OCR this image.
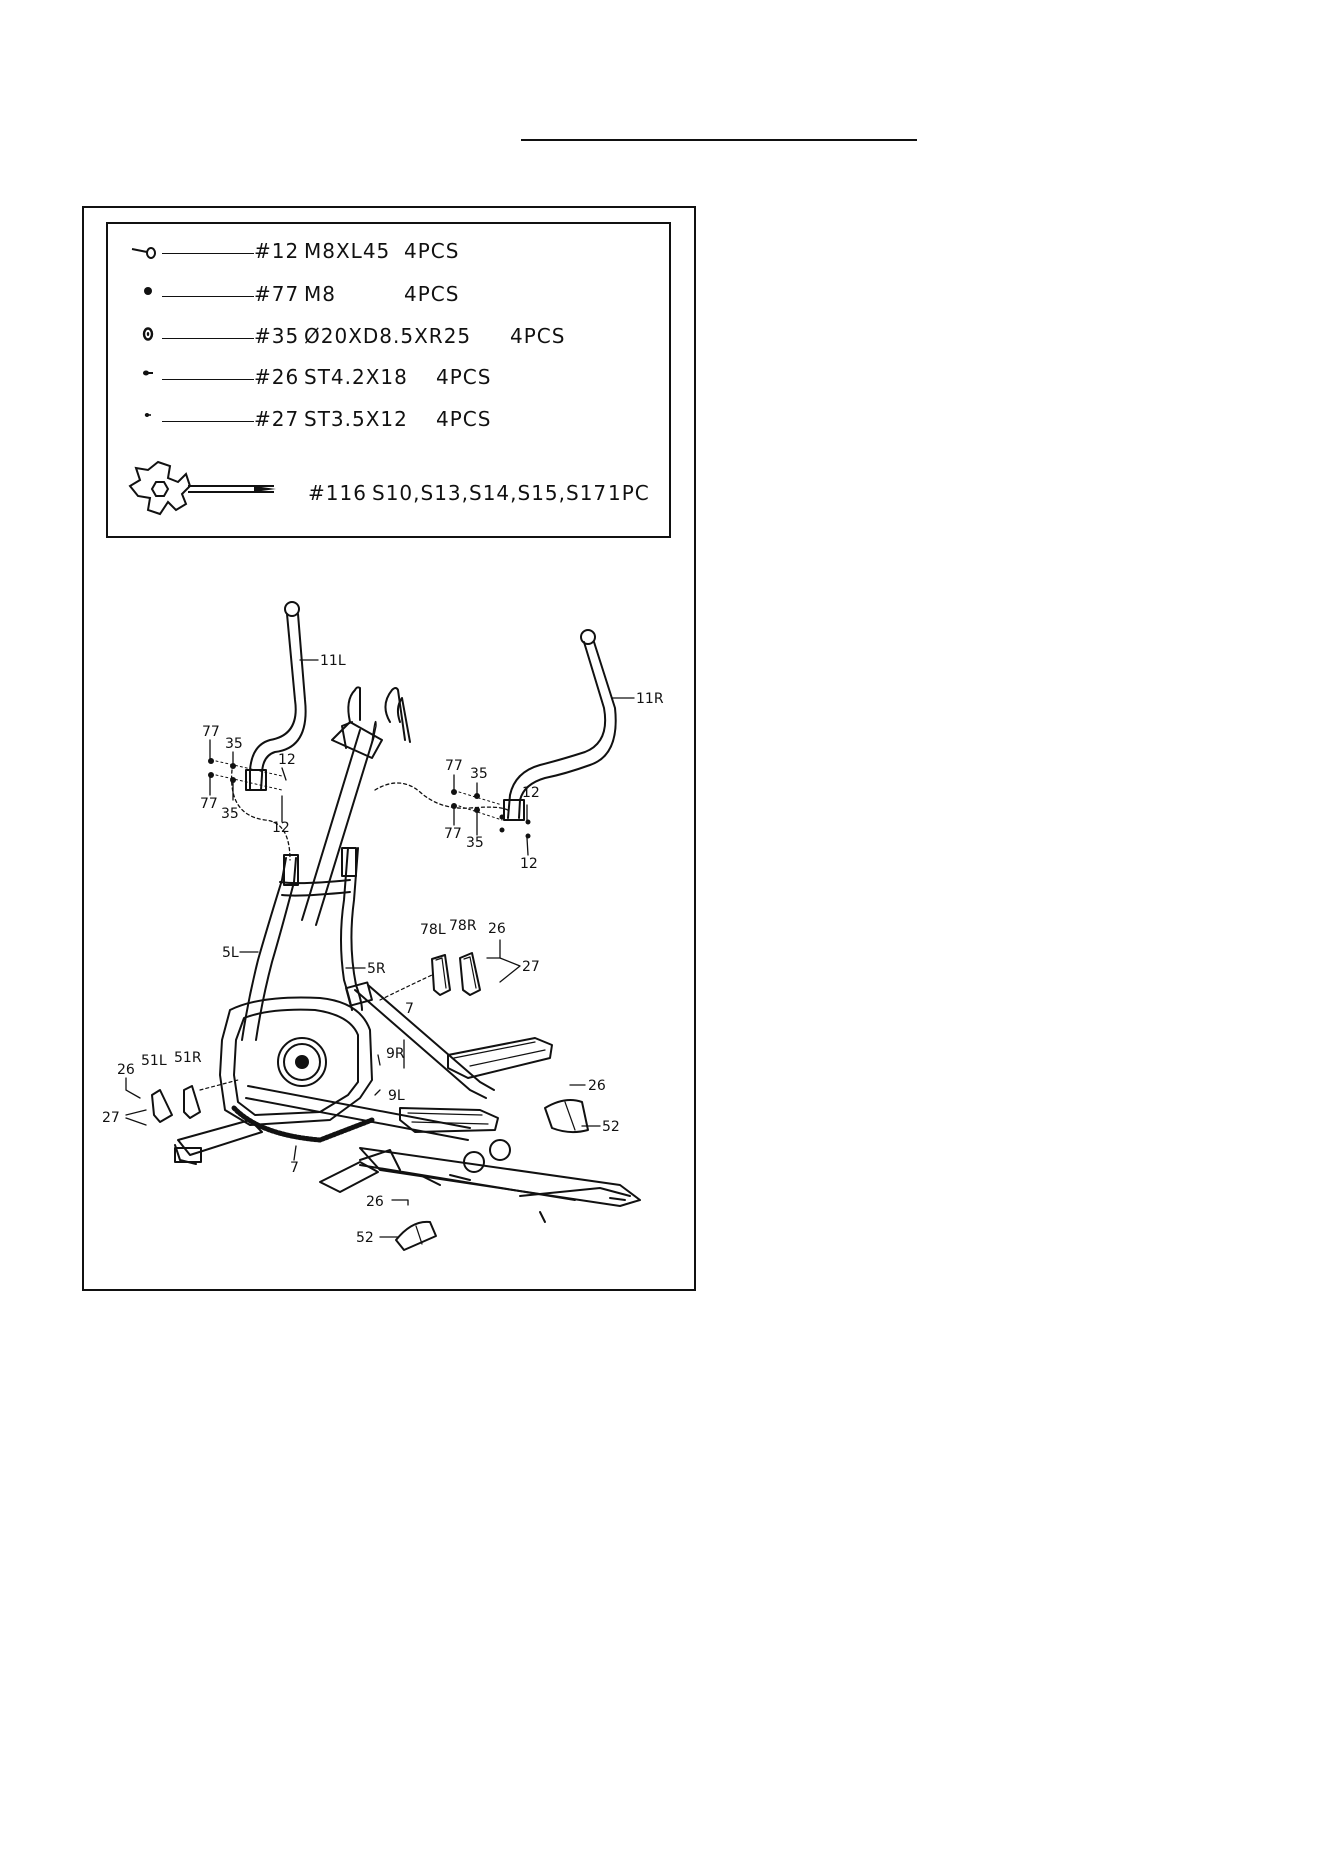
#12 M8XL45 4PCS
#77 M8	4PCS
#35 Ø20XD8.5XR25 4PCS
#26 ST4.2X18 4PCS
#27 ST3.5X12 4PCS
#116 S10,S13,S14,S15,S17 1PC
11L
11R
77
35
12
77
35
12
77 35
12
77
35
12
5L
5R
78L 78R 26
27
7
9R
9L
7
26
51L 51R
27
26
52
26
52
